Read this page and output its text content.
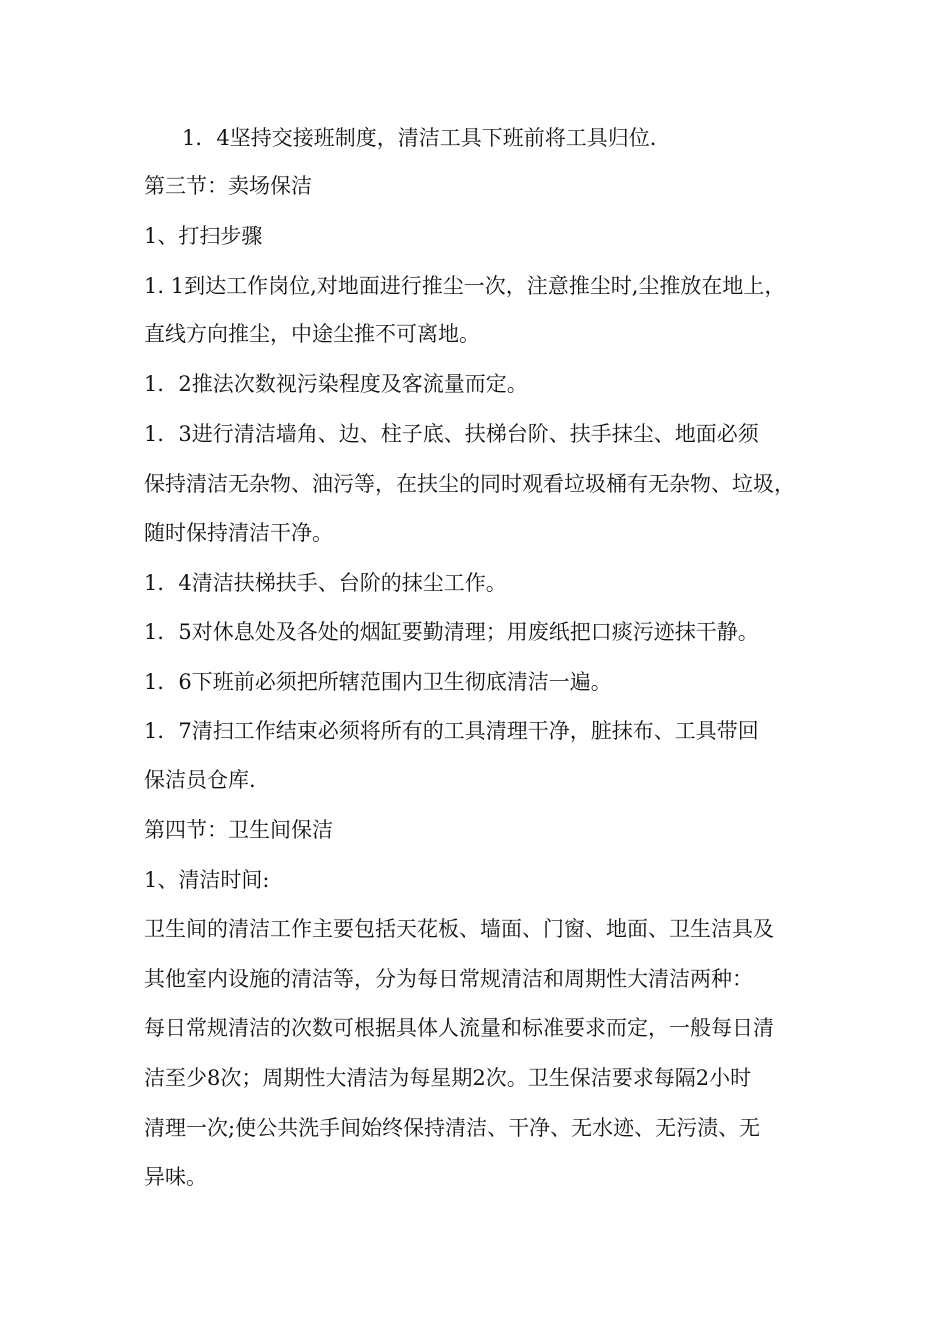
1．4坚持交接班制度，清洁工具下班前将工具归位.
第三节：卖场保洁
1、打扫步骤
1. 1到达工作岗位,对地面进行推尘一次，注意推尘时,尘推放在地上，
直线方向推尘，中途尘推不可离地。
1．2推法次数视污染程度及客流量而定。
1．3进行清洁墙角、边、柱子底、扶梯台阶、扶手抹尘、地面必须
保持清洁无杂物、油污等，在扶尘的同时观看垃圾桶有无杂物、垃圾，
随时保持清洁干净。
1．4清洁扶梯扶手、台阶的抹尘工作。
1．5对休息处及各处的烟缸要勤清理；用废纸把口痰污迹抹干静。
1．6下班前必须把所辖范围内卫生彻底清洁一遍。
1．7清扫工作结束必须将所有的工具清理干净，脏抹布、工具带回
保洁员仓库.
第四节：卫生间保洁
1、清洁时间:
卫生间的清洁工作主要包括天花板、墙面、门窗、地面、卫生洁具及
其他室内设施的清洁等，分为每日常规清洁和周期性大清洁两种：
每日常规清洁的次数可根据具体人流量和标准要求而定，一般每日清
洁至少8次；周期性大清洁为每星期2次。卫生保洁要求每隔2小时
清理一次;使公共洗手间始终保持清洁、干净、无水迹、无污渍、无
异味。
